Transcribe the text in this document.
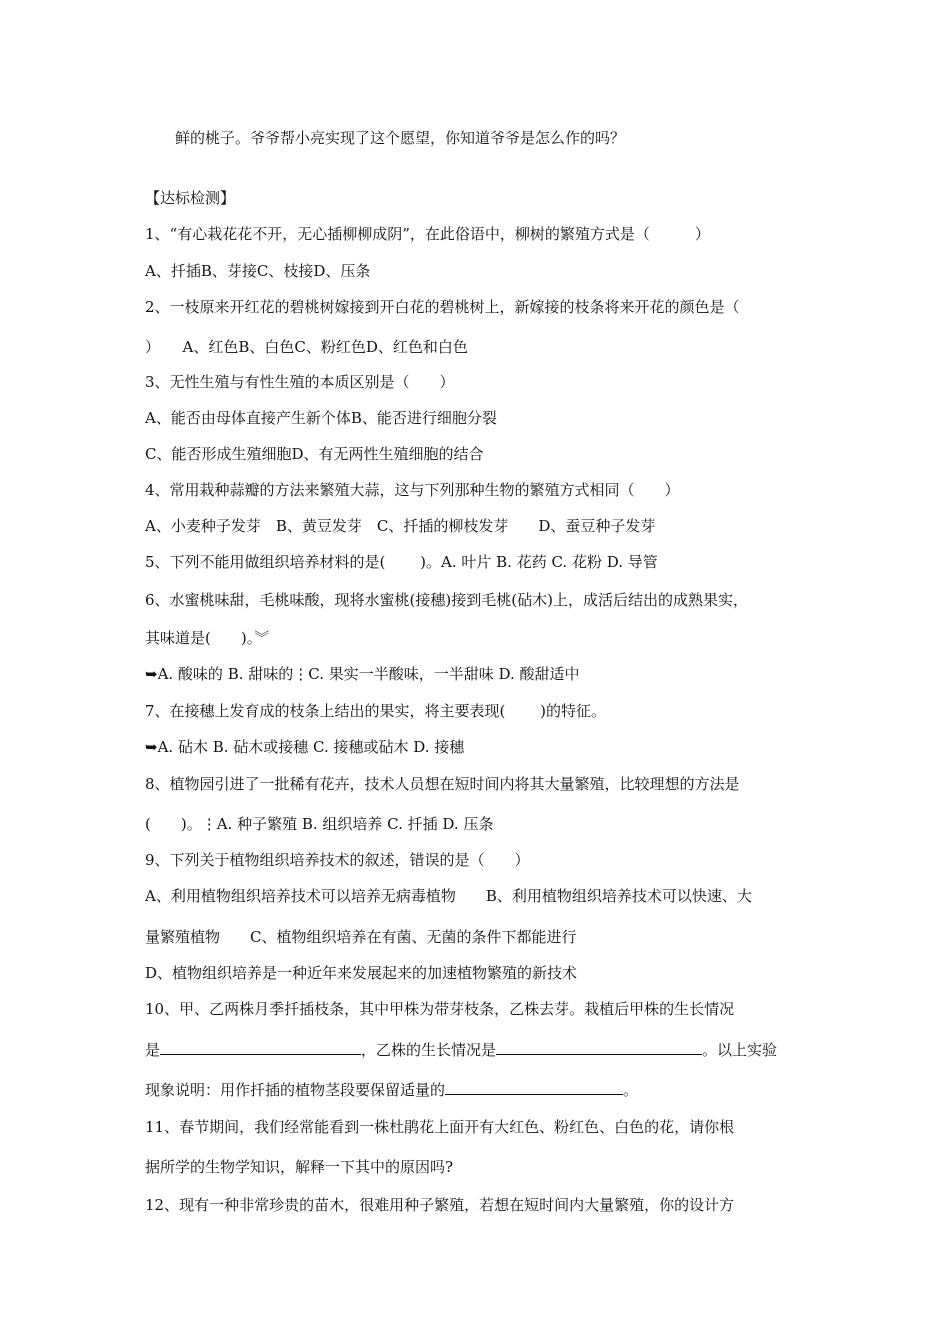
鲜的桃子。爷爷帮小亮实现了这个愿望，你知道爷爷是怎么作的吗？
【达标检测】
1、“有心栽花花不开，无心插柳柳成阴”，在此俗语中，柳树的繁殖方式是（　　　）
A、扦插B、芽接C、枝接D、压条
2、一枝原来开红花的碧桃树嫁接到开白花的碧桃树上，新嫁接的枝条将来开花的颜色是（
）　　A、红色B、白色C、粉红色D、红色和白色
3、无性生殖与有性生殖的本质区别是（　　）
A、能否由母体直接产生新个体B、能否进行细胞分裂
C、能否形成生殖细胞D、有无两性生殖细胞的结合
4、常用栽种蒜瓣的方法来繁殖大蒜，这与下列那种生物的繁殖方式相同（　　）
A、小麦种子发芽　B、黄豆发芽　C、扦插的柳枝发芽　　D、蚕豆种子发芽
5、下列不能用做组织培养材料的是(　　 )。A. 叶片 B. 花药 C. 花粉 D. 导管
6、水蜜桃味甜，毛桃味酸，现将水蜜桃(接穗)接到毛桃(砧木)上，成活后结出的成熟果实，
其味道是(　　)。︾
➥A. 酸味的 B. 甜味的⋮C. 果实一半酸味，一半甜味 D. 酸甜适中
7、在接穗上发育成的枝条上结出的果实，将主要表现(　　 )的特征。
➥A. 砧木 B. 砧木或接穗 C. 接穗或砧木 D. 接穗
8、植物园引进了一批稀有花卉，技术人员想在短时间内将其大量繁殖，比较理想的方法是
(　　)。⋮A. 种子繁殖 B. 组织培养 C. 扦插 D. 压条
9、下列关于植物组织培养技术的叙述，错误的是（　　）
A、利用植物组织培养技术可以培养无病毒植物　　B、利用植物组织培养技术可以快速、大
量繁殖植物　　C、植物组织培养在有菌、无菌的条件下都能进行
D、植物组织培养是一种近年来发展起来的加速植物繁殖的新技术
10、甲、乙两株月季扦插枝条，其中甲株为带芽枝条，乙株去芽。栽植后甲株的生长情况
是	，乙株的生长情况是	。以上实验
现象说明：用作扦插的植物茎段要保留适量的	。
11、春节期间，我们经常能看到一株杜鹃花上面开有大红色、粉红色、白色的花，请你根
据所学的生物学知识，解释一下其中的原因吗?
12、现有一种非常珍贵的苗木，很难用种子繁殖，若想在短时间内大量繁殖，你的设计方
